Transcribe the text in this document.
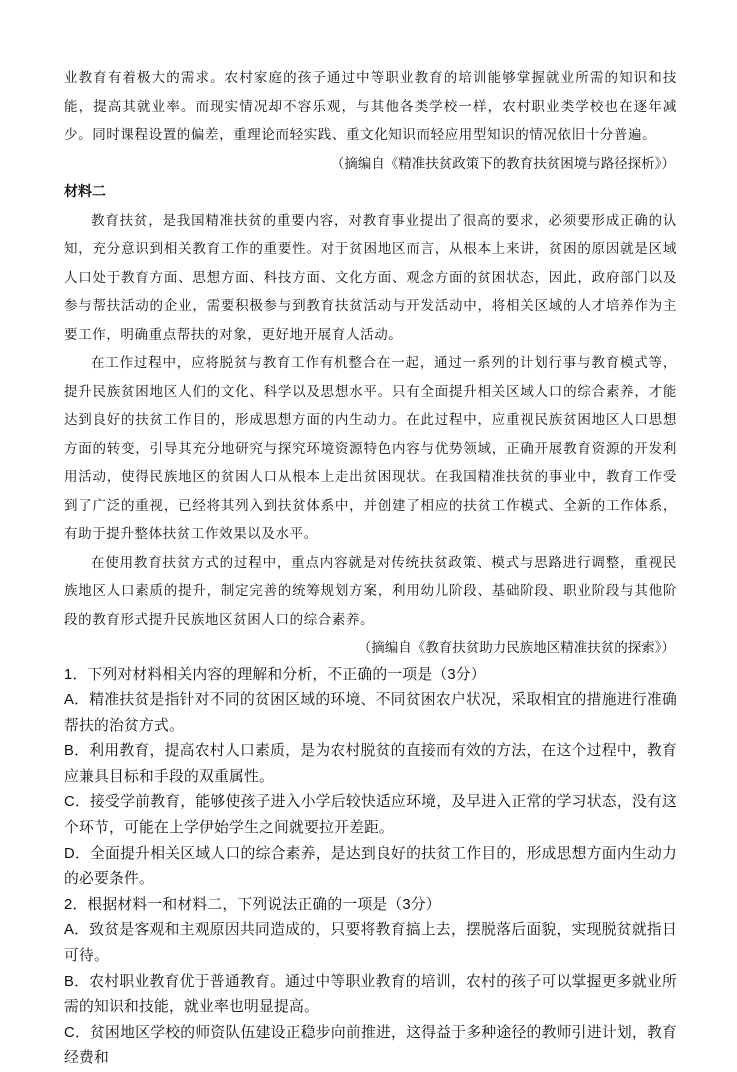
业教育有着极大的需求。农村家庭的孩子通过中等职业教育的培训能够掌握就业所需的知识和技能，提高其就业率。而现实情况却不容乐观，与其他各类学校一样，农村职业类学校也在逐年减少。同时课程设置的偏差，重理论而轻实践、重文化知识而轻应用型知识的情况依旧十分普遍。

（摘编自《精准扶贫政策下的教育扶贫困境与路径探析》）
材料二

教育扶贫，是我国精准扶贫的重要内容，对教育事业提出了很高的要求，必须要形成正确的认知，充分意识到相关教育工作的重要性。对于贫困地区而言，从根本上来讲，贫困的原因就是区域人口处于教育方面、思想方面、科技方面、文化方面、观念方面的贫困状态，因此，政府部门以及参与帮扶活动的企业，需要积极参与到教育扶贫活动与开发活动中，将相关区域的人才培养作为主要工作，明确重点帮扶的对象，更好地开展育人活动。

在工作过程中，应将脱贫与教育工作有机整合在一起，通过一系列的计划行事与教育模式等，提升民族贫困地区人们的文化、科学以及思想水平。只有全面提升相关区域人口的综合素养，才能达到良好的扶贫工作目的，形成思想方面的内生动力。在此过程中，应重视民族贫困地区人口思想方面的转变，引导其充分地研究与探究环境资源特色内容与优势领域，正确开展教育资源的开发利用活动，使得民族地区的贫困人口从根本上走出贫困现状。在我国精准扶贫的事业中，教育工作受到了广泛的重视，已经将其列入到扶贫体系中，并创建了相应的扶贫工作模式、全新的工作体系，有助于提升整体扶贫工作效果以及水平。

在使用教育扶贫方式的过程中，重点内容就是对传统扶贫政策、模式与思路进行调整，重视民族地区人口素质的提升，制定完善的统筹规划方案，利用幼儿阶段、基础阶段、职业阶段与其他阶段的教育形式提升民族地区贫困人口的综合素养。

（摘编自《教育扶贫助力民族地区精准扶贫的探索》）

1．下列对材料相关内容的理解和分析，不正确的一项是（3分）

A．精准扶贫是指针对不同的贫困区域的环境、不同贫困农户状况，采取相宜的措施进行准确帮扶的治贫方式。

B．利用教育，提高农村人口素质，是为农村脱贫的直接而有效的方法，在这个过程中，教育应兼具目标和手段的双重属性。

C．接受学前教育，能够使孩子进入小学后较快适应环境，及早进入正常的学习状态，没有这个环节，可能在上学伊始学生之间就要拉开差距。

D．全面提升相关区域人口的综合素养，是达到良好的扶贫工作目的，形成思想方面内生动力的必要条件。

2．根据材料一和材料二，下列说法正确的一项是（3分）

A．致贫是客观和主观原因共同造成的，只要将教育搞上去，摆脱落后面貌，实现脱贫就指日可待。

B．农村职业教育优于普通教育。通过中等职业教育的培训，农村的孩子可以掌握更多就业所需的知识和技能，就业率也明显提高。

C．贫困地区学校的师资队伍建设正稳步向前推进，这得益于多种途径的教师引进计划，教育经费和
